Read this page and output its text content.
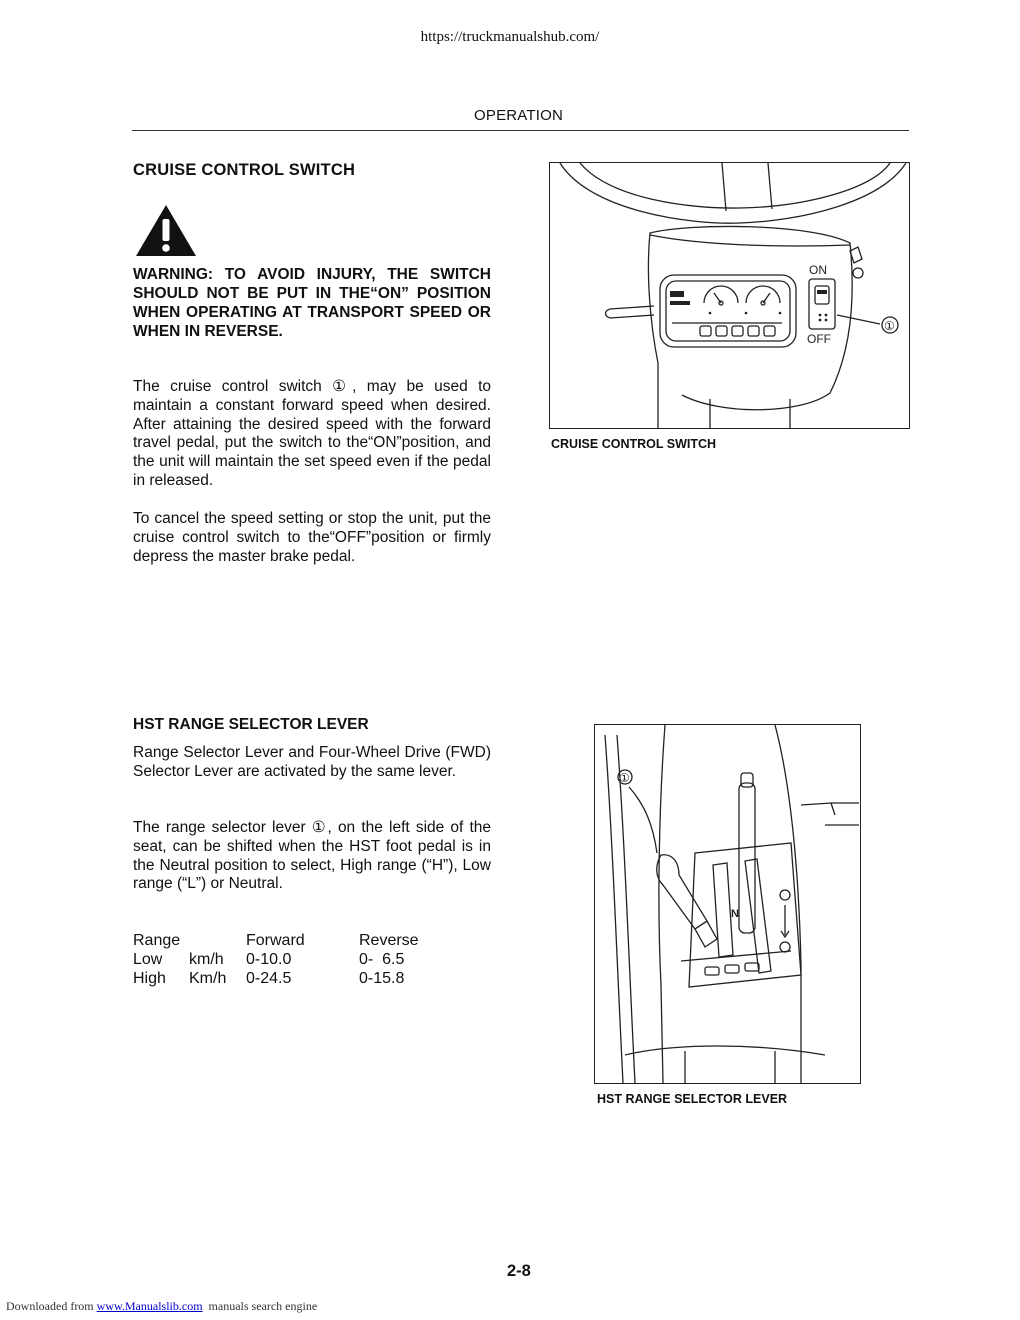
https://truckmanualshub.com/
OPERATION
CRUISE CONTROL SWITCH
WARNING: TO AVOID INJURY, THE SWITCH SHOULD NOT BE PUT IN THE“ON” POSITION WHEN OPERATING AT TRANSPORT SPEED OR WHEN IN REVERSE.
The cruise control switch ①, may be used to maintain a constant forward speed when desired. After attaining the desired speed with the forward travel pedal, put the switch to the“ON”position, and the unit will maintain the set speed even if the pedal in released.
To cancel the speed setting or stop the unit, put the cruise control switch to the“OFF”position or firmly depress the master brake pedal.
ON
OFF
①
CRUISE CONTROL SWITCH
HST RANGE SELECTOR LEVER
Range Selector Lever and Four-Wheel Drive (FWD) Selector Lever are activated by the same lever.
The range selector lever ①, on the left side of the seat, can be shifted when the HST foot pedal is in the Neutral position to select, High range (“H”), Low range (“L”) or Neutral.
Range	Forward	Reverse
Low km/h 0-10.0	0-  6.5
High Km/h 0-24.5	0-15.8
①
N
HST RANGE SELECTOR LEVER
2-8
Downloaded from www.Manualslib.com manuals search engine
